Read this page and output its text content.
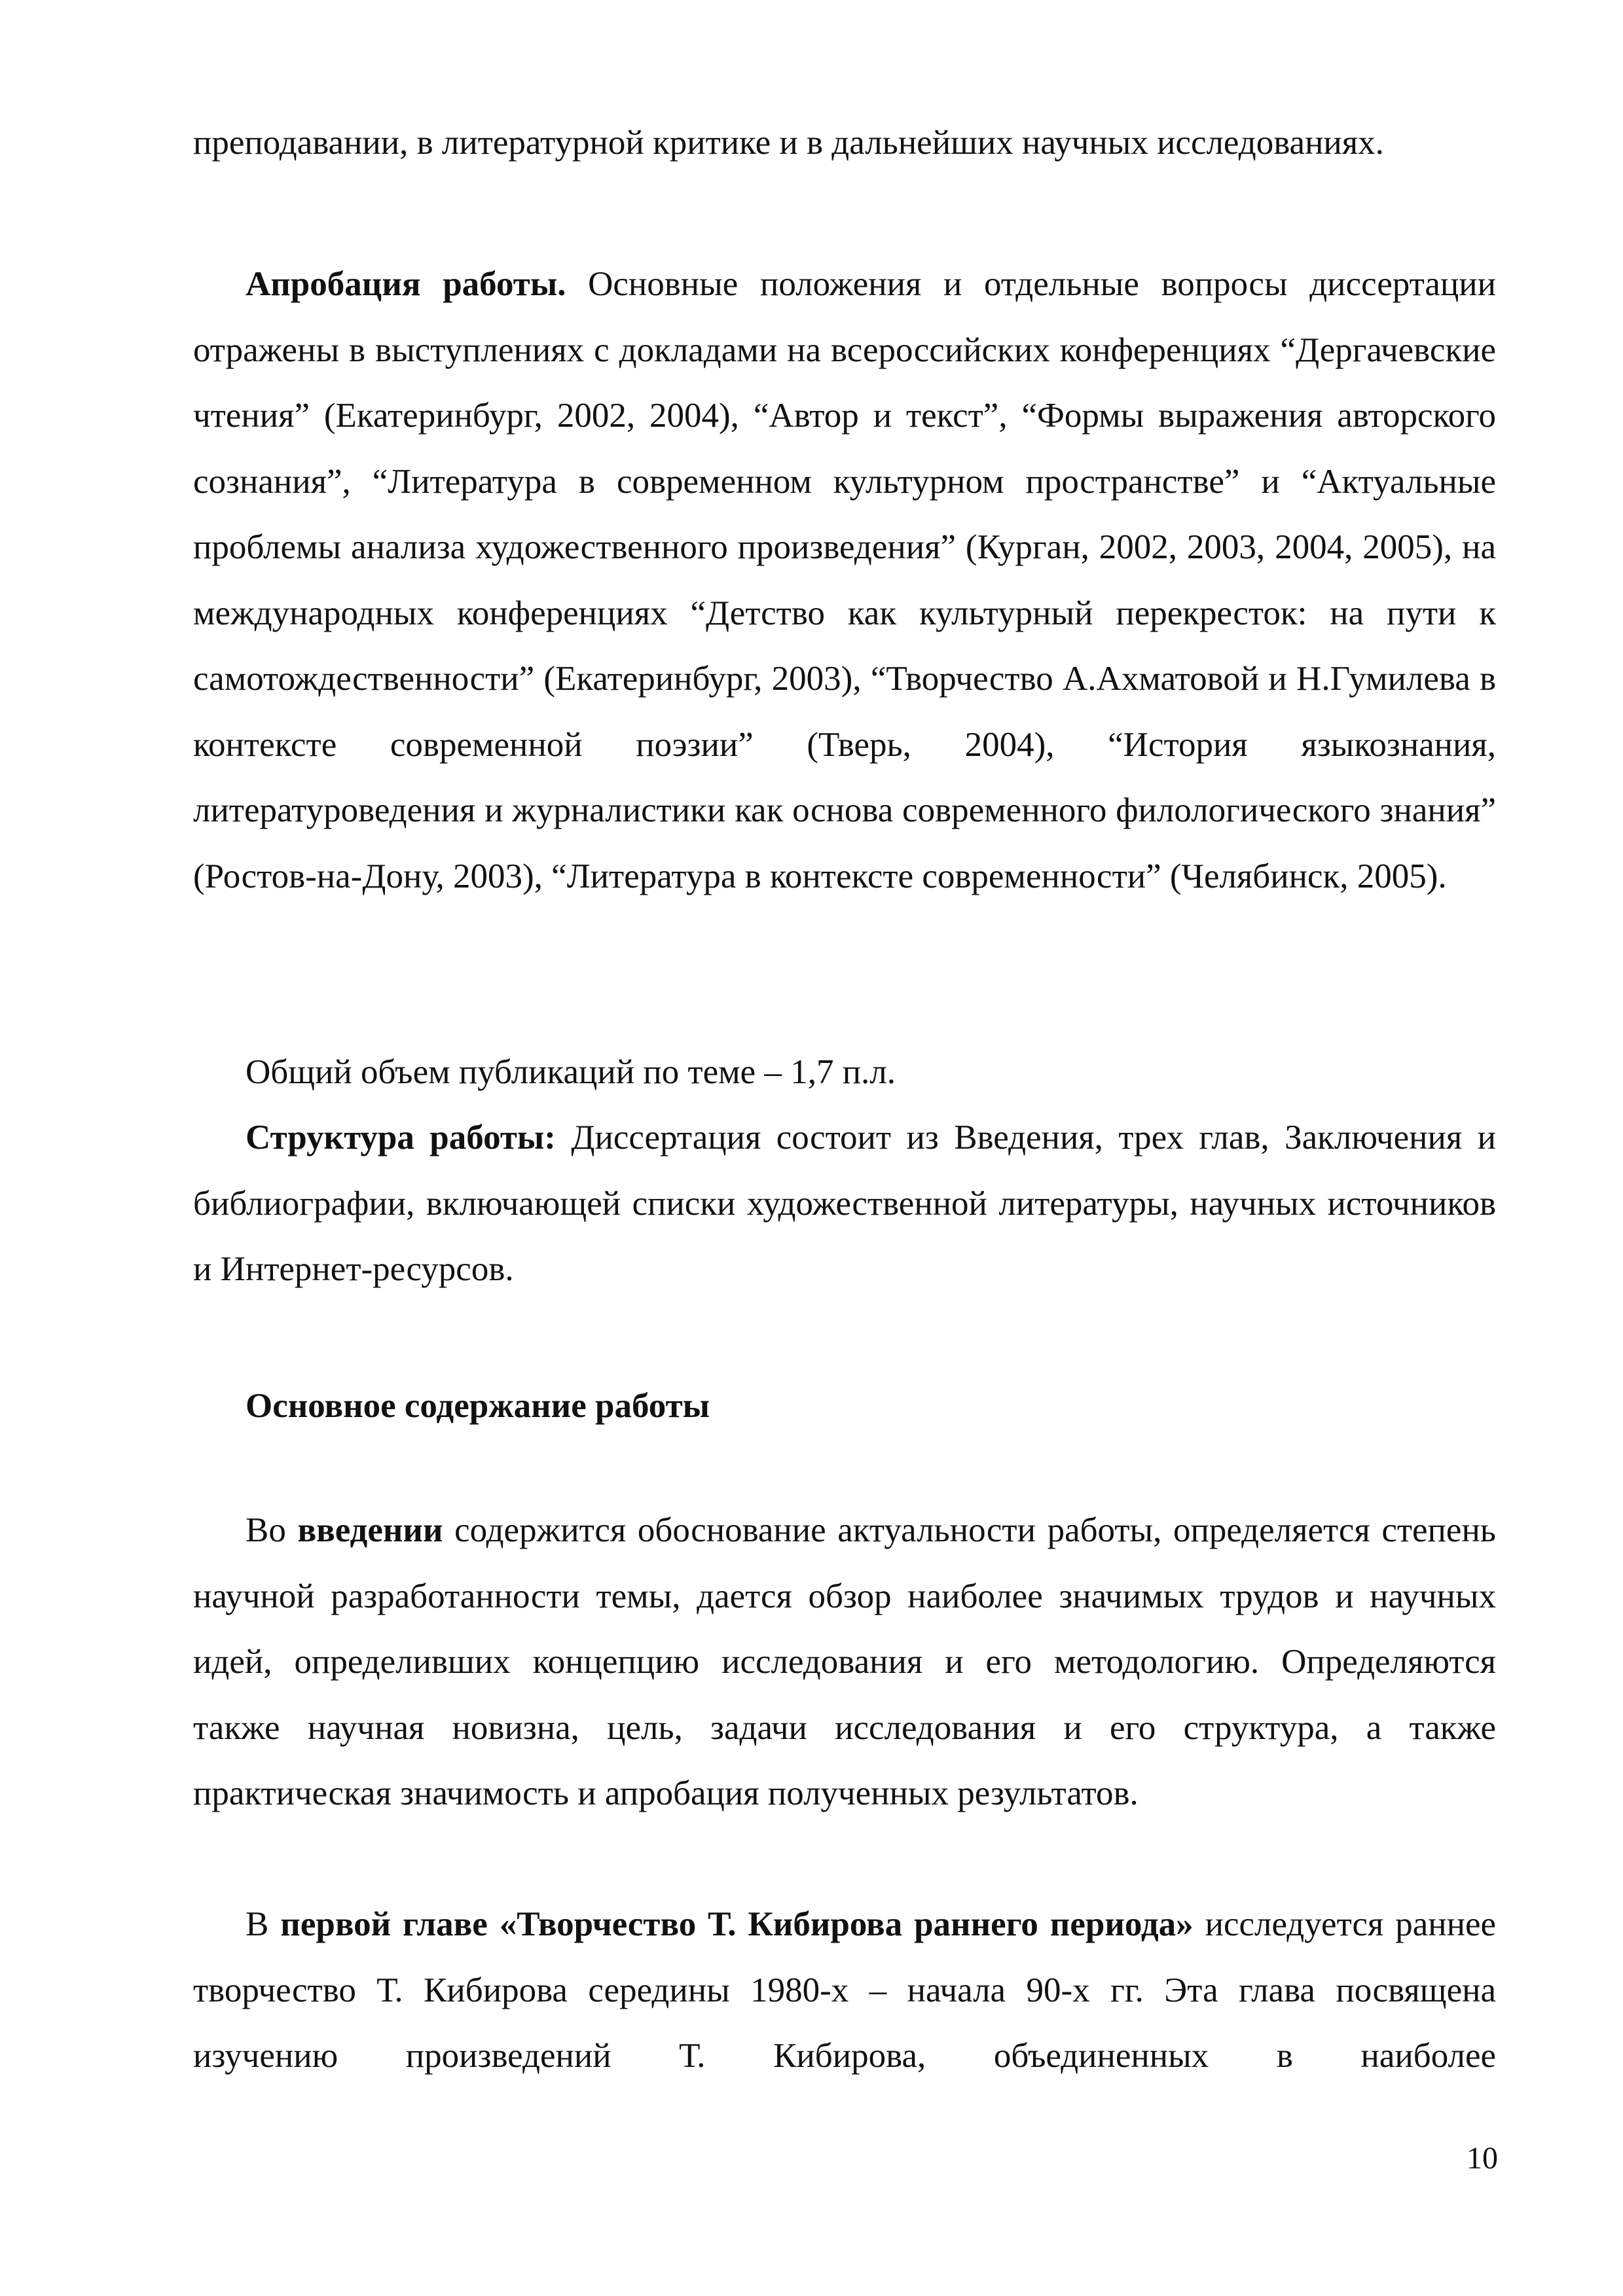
преподавании, в литературной критике и в дальнейших научных исследованиях.

Апробация работы. Основные положения и отдельные вопросы диссертации отражены в выступлениях с докладами на всероссийских конференциях “Дергачевские чтения” (Екатеринбург, 2002, 2004), “Автор и текст”, “Формы выражения авторского сознания”, “Литература в современном культурном пространстве” и “Актуальные проблемы анализа художественного произведения” (Курган, 2002, 2003, 2004, 2005), на международных конференциях “Детство как культурный перекресток: на пути к самотождественности” (Екатеринбург, 2003), “Творчество А.Ахматовой и Н.Гумилева в контексте современной поэзии” (Тверь, 2004), “История языкознания, литературоведения и журналистики как основа современного филологического знания” (Ростов-на-Дону, 2003), “Литература в контексте современности” (Челябинск, 2005).

Общий объем публикаций по теме – 1,7 п.л.

Структура работы: Диссертация состоит из Введения, трех глав, Заключения и библиографии, включающей списки художественной литературы, научных источников и Интернет-ресурсов.

Основное содержание работы

Во введении содержится обоснование актуальности работы, определяется степень научной разработанности темы, дается обзор наиболее значимых трудов и научных идей, определивших концепцию исследования и его методологию. Определяются также научная новизна, цель, задачи исследования и его структура, а также практическая значимость и апробация полученных результатов.

В первой главе «Творчество Т. Кибирова раннего периода» исследуется раннее творчество Т. Кибирова середины 1980-х – начала 90-х гг. Эта глава посвящена изучению произведений Т. Кибирова, объединенных в наиболее

10
